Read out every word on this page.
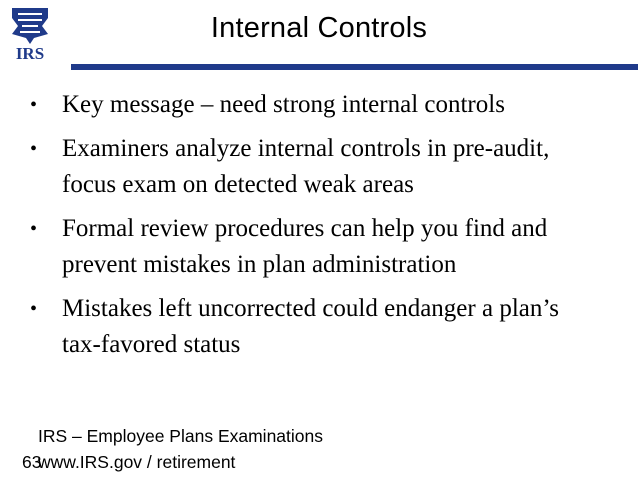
IRS
Internal Controls
• Key message – need strong internal controls
• Examiners analyze internal controls in pre-audit, focus exam on detected weak areas
• Formal review procedures can help you find and prevent mistakes in plan administration
• Mistakes left uncorrected could endanger a plan’s tax-favored status
IRS – Employee Plans Examinations
63
www.IRS.gov / retirement
